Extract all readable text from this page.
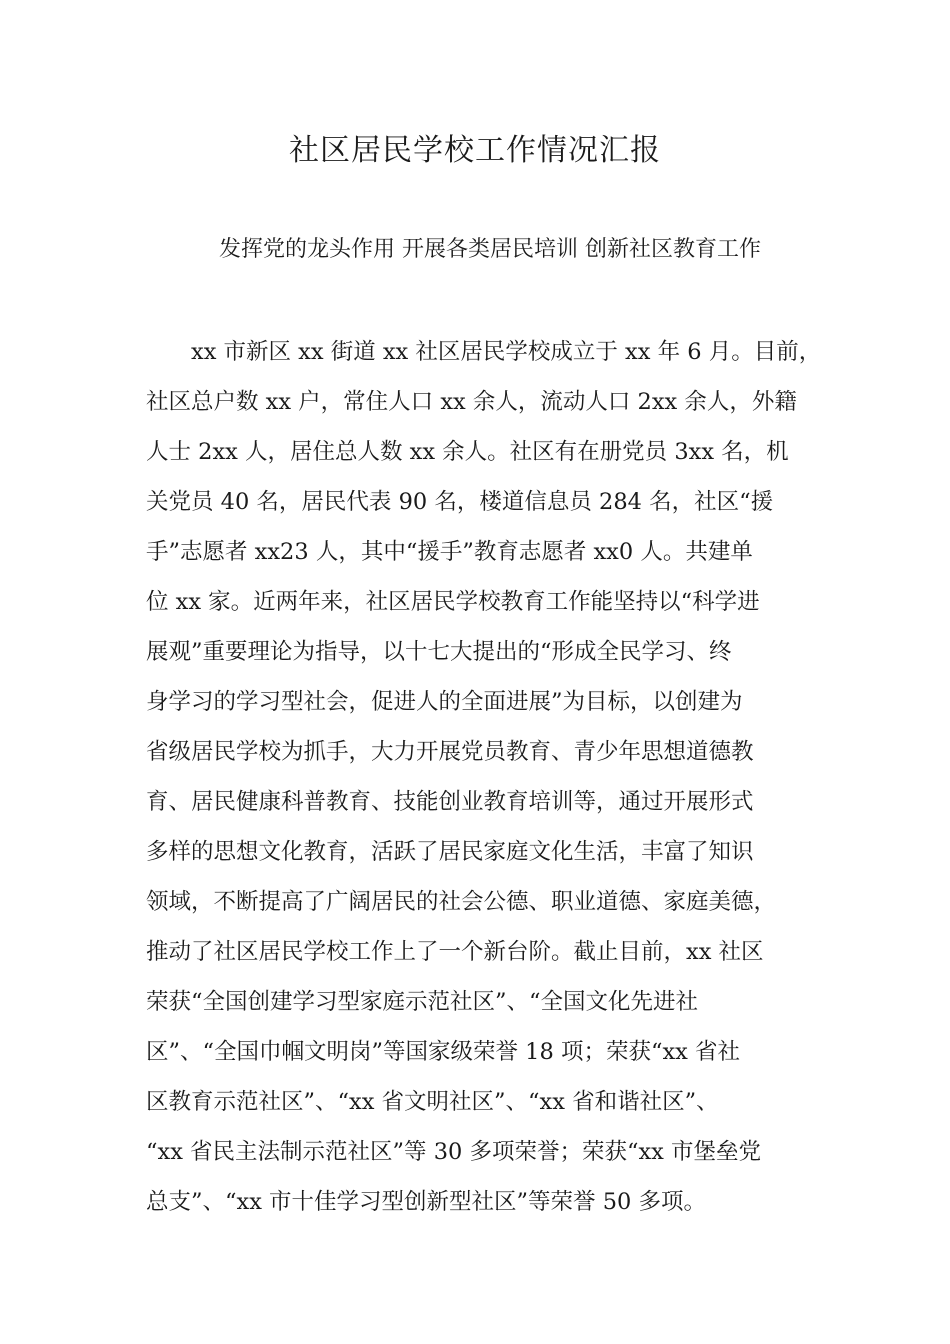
社区居民学校工作情况汇报
发挥党的龙头作用 开展各类居民培训 创新社区教育工作
　　xx 市新区 xx 街道 xx 社区居民学校成立于 xx 年 6 月。目前，
社区总户数 xx 户，常住人口 xx 余人，流动人口 2xx 余人，外籍
人士 2xx 人，居住总人数 xx 余人。社区有在册党员 3xx 名，机
关党员 40 名，居民代表 90 名，楼道信息员 284 名，社区“援
手”志愿者 xx23 人，其中“援手”教育志愿者 xx0 人。共建单
位 xx 家。近两年来，社区居民学校教育工作能坚持以“科学进
展观”重要理论为指导，以十七大提出的“形成全民学习、终
身学习的学习型社会，促进人的全面进展”为目标，以创建为
省级居民学校为抓手，大力开展党员教育、青少年思想道德教
育、居民健康科普教育、技能创业教育培训等，通过开展形式
多样的思想文化教育，活跃了居民家庭文化生活，丰富了知识
领域，不断提高了广阔居民的社会公德、职业道德、家庭美德，
推动了社区居民学校工作上了一个新台阶。截止目前，xx 社区
荣获“全国创建学习型家庭示范社区”、“全国文化先进社
区”、“全国巾帼文明岗”等国家级荣誉 18 项；荣获“xx 省社
区教育示范社区”、“xx 省文明社区”、“xx 省和谐社区”、
“xx 省民主法制示范社区”等 30 多项荣誉；荣获“xx 市堡垒党
总支”、“xx 市十佳学习型创新型社区”等荣誉 50 多项。
